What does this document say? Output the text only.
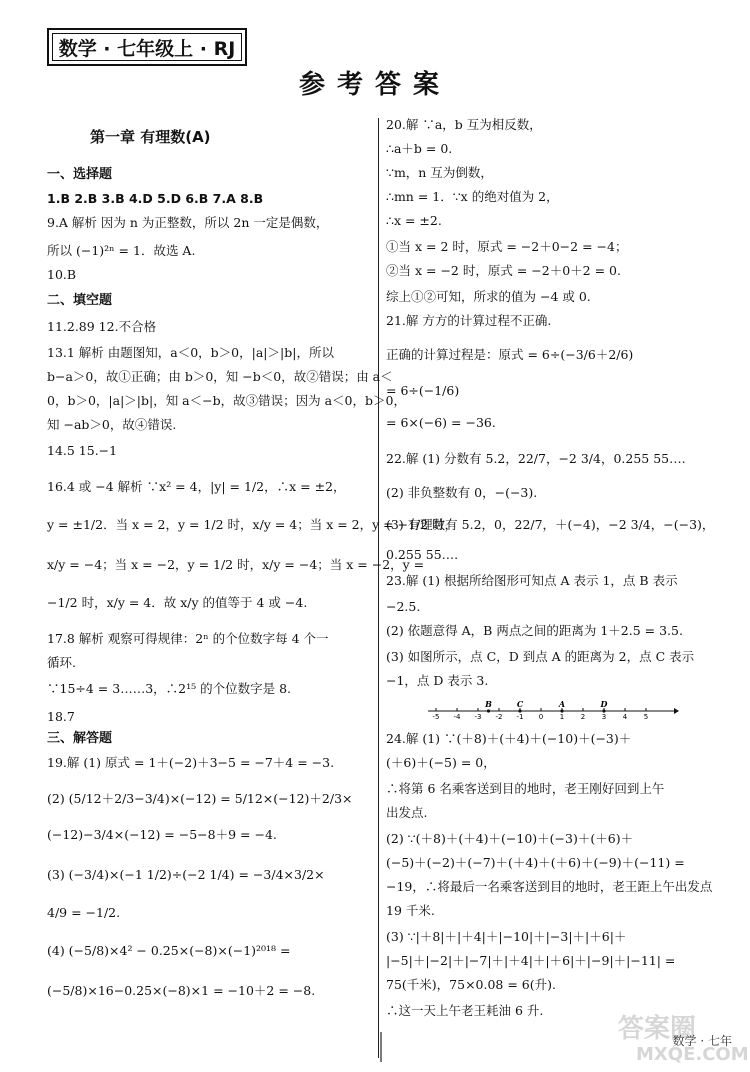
数学 · 七年级上 · RJ
参考答案
第一章 有理数(A)
一、选择题
1.B 2.B 3.B 4.D 5.D 6.B 7.A 8.B
9.A 解析 因为 n 为正整数，所以 2n 一定是偶数，
所以 (−1)²ⁿ = 1．故选 A.
10.B
二、填空题
11.2.89 12.不合格
13.1 解析 由题图知，a＜0，b＞0，|a|＞|b|，所以
b−a＞0，故①正确；由 b＞0，知 −b＜0，故②错误；由 a＜
0，b＞0，|a|＞|b|，知 a＜−b，故③错误；因为 a＜0，b＞0，
知 −ab＞0，故④错误.
14.5 15.−1
16.4 或 −4 解析 ∵x² = 4，|y| = 1/2，∴x = ±2，
y = ±1/2．当 x = 2，y = 1/2 时，x/y = 4；当 x = 2，y = −1/2 时，
x/y = −4；当 x = −2，y = 1/2 时，x/y = −4；当 x = −2，y =
−1/2 时，x/y = 4．故 x/y 的值等于 4 或 −4.
17.8 解析 观察可得规律：2ⁿ 的个位数字每 4 个一
循环.
∵15÷4 = 3……3，∴2¹⁵ 的个位数字是 8.
18.7
三、解答题
19.解 (1) 原式 = 1＋(−2)＋3−5 = −7＋4 = −3.
(2) (5/12＋2/3−3/4)×(−12) = 5/12×(−12)＋2/3×
(−12)−3/4×(−12) = −5−8＋9 = −4.
(3) (−3/4)×(−1 1/2)÷(−2 1/4) = −3/4×3/2×
4/9 = −1/2.
(4) (−5/8)×4² − 0.25×(−8)×(−1)²⁰¹⁸ =
(−5/8)×16−0.25×(−8)×1 = −10＋2 = −8.
20.解 ∵a，b 互为相反数，
∴a＋b = 0.
∵m，n 互为倒数，
∴mn = 1．∵x 的绝对值为 2，
∴x = ±2.
①当 x = 2 时，原式 = −2＋0−2 = −4；
②当 x = −2 时，原式 = −2＋0＋2 = 0.
综上①②可知，所求的值为 −4 或 0.
21.解 方方的计算过程不正确.
正确的计算过程是：原式 = 6÷(−3/6＋2/6)
= 6÷(−1/6)
= 6×(−6) = −36.
22.解 (1) 分数有 5.2，22/7，−2 3/4，0.255 55….
(2) 非负整数有 0，−(−3).
(3) 有理数有 5.2，0，22/7，＋(−4)，−2 3/4，−(−3)，
0.255 55….
23.解 (1) 根据所给图形可知点 A 表示 1，点 B 表示
−2.5.
(2) 依题意得 A，B 两点之间的距离为 1＋2.5 = 3.5.
(3) 如图所示，点 C，D 到点 A 的距离为 2，点 C 表示
−1，点 D 表示 3.
24.解 (1) ∵(＋8)＋(＋4)＋(−10)＋(−3)＋
(＋6)＋(−5) = 0，
∴将第 6 名乘客送到目的地时，老王刚好回到上午
出发点.
(2) ∵(＋8)＋(＋4)＋(−10)＋(−3)＋(＋6)＋
(−5)＋(−2)＋(−7)＋(＋4)＋(＋6)＋(−9)＋(−11) =
−19，∴将最后一名乘客送到目的地时，老王距上午出发点
19 千米.
(3) ∵|＋8|＋|＋4|＋|−10|＋|−3|＋|＋6|＋
|−5|＋|−2|＋|−7|＋|＋4|＋|＋6|＋|−9|＋|−11| =
75(千米)，75×0.08 = 6(升).
∴这一天上午老王耗油 6 升.
-5 -4 -3 -2 -1 0 1 2 3 4 5
B	C	A	D
答案圈
MXQE.COM
数学 · 七年
